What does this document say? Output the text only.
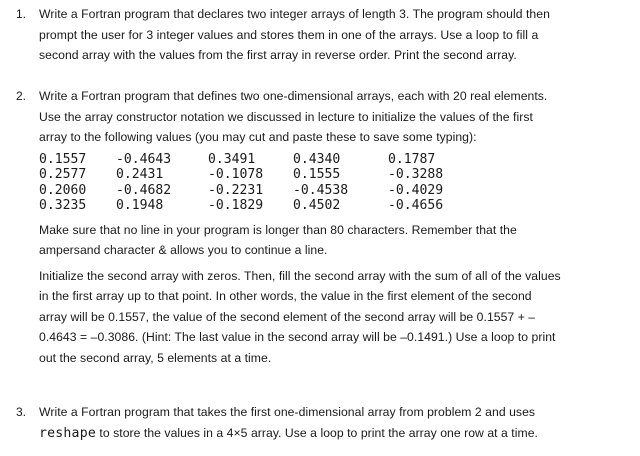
1. Write a Fortran program that declares two integer arrays of length 3. The program should then
prompt the user for 3 integer values and stores them in one of the arrays. Use a loop to fill a
second array with the values from the first array in reverse order. Print the second array.
2. Write a Fortran program that defines two one-dimensional arrays, each with 20 real elements.
Use the array constructor notation we discussed in lecture to initialize the values of the first
array to the following values (you may cut and paste these to save some typing):
0.1557	-0.4643	0.3491	0.4340	0.1787
0.2577	0.2431	-0.1078	0.1555	-0.3288
0.2060	-0.4682	-0.2231	-0.4538	-0.4029
0.3235	0.1948	-0.1829	0.4502	-0.4656
Make sure that no line in your program is longer than 80 characters. Remember that the
ampersand character & allows you to continue a line.
Initialize the second array with zeros. Then, fill the second array with the sum of all of the values
in the first array up to that point. In other words, the value in the first element of the second
array will be 0.1557, the value of the second element of the second array will be 0.1557 + –
0.4643 = –0.3086. (Hint: The last value in the second array will be –0.1491.) Use a loop to print
out the second array, 5 elements at a time.
3. Write a Fortran program that takes the first one-dimensional array from problem 2 and uses
reshape to store the values in a 4×5 array. Use a loop to print the array one row at a time.
